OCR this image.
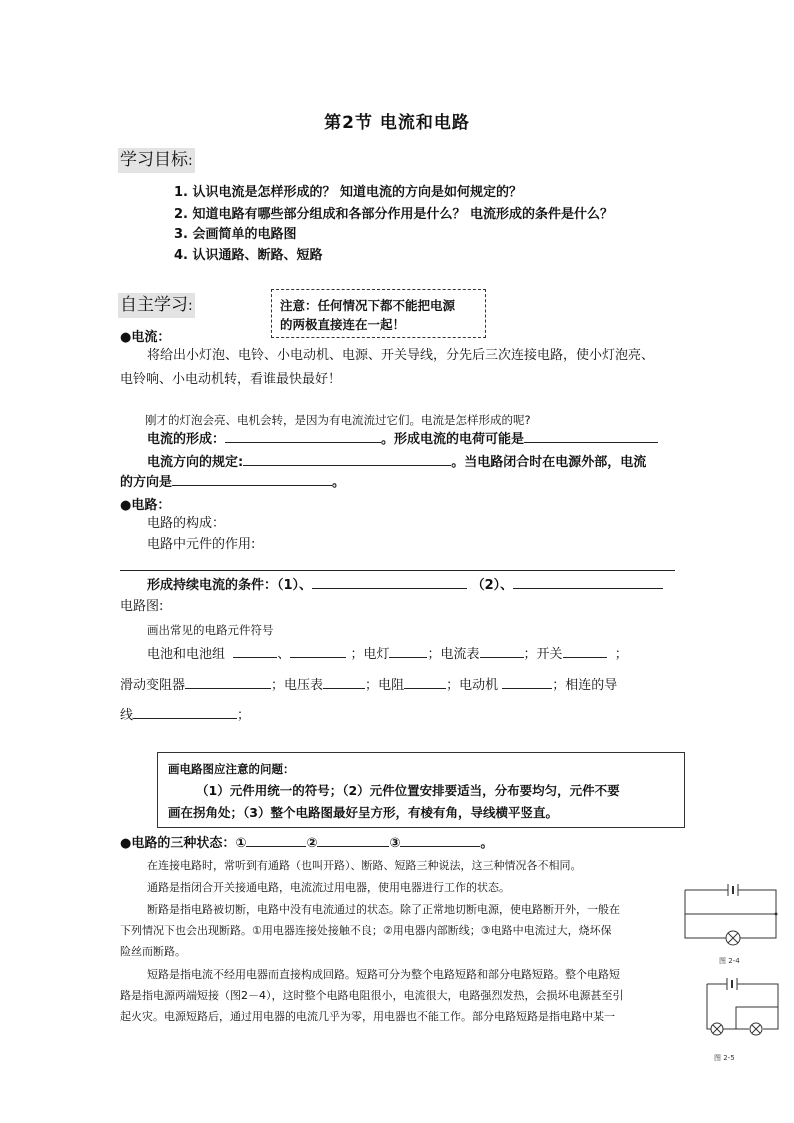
第2节 电流和电路
学习目标:
1. 认识电流是怎样形成的？ 知道电流的方向是如何规定的？
2. 知道电路有哪些部分组成和各部分作用是什么？ 电流形成的条件是什么？
3. 会画简单的电路图
4. 认识通路、断路、短路
自主学习:	注意：任何情况下都不能把电源
的两极直接连在一起！
●电流：
将给出小灯泡、电铃、小电动机、电源、开关导线，分先后三次连接电路，使小灯泡亮、
电铃响、小电动机转，看谁最快最好！
刚才的灯泡会亮、电机会转，是因为有电流流过它们。电流是怎样形成的呢?
电流的形成：	。形成电流的电荷可能是
电流方向的规定:	。当电路闭合时在电源外部，电流
的方向是	。
●电路：
电路的构成：
电路中元件的作用:
形成持续电流的条件：（1）、	（2）、
电路图:
画出常见的电路元件符号
电池和电池组	、	；电灯	；电流表	；开关	；
滑动变阻器	；电压表	；电阻	；电动机	；相连的导
线	；
画电路图应注意的问题：
（1）元件用统一的符号；（2）元件位置安排要适当，分布要均匀，元件不要
画在拐角处；（3）整个电路图最好呈方形，有棱有角，导线横平竖直。
●电路的三种状态：①	②	③	。
在连接电路时，常听到有通路（也叫开路）、断路、短路三种说法，这三种情况各不相同。
通路是指闭合开关接通电路，电流流过用电器，使用电器进行工作的状态。
断路是指电路被切断，电路中没有电流通过的状态。除了正常地切断电源，使电路断开外，一般在
下列情况下也会出现断路。①用电器连接处接触不良；②用电器内部断线；③电路中电流过大，烧坏保
险丝而断路。
短路是指电流不经用电器而直接构成回路。短路可分为整个电路短路和部分电路短路。整个电路短
路是指电源两端短接（图2－4），这时整个电路电阻很小，电流很大，电路强烈发热，会损坏电源甚至引
起火灾。电源短路后，通过用电器的电流几乎为零，用电器也不能工作。部分电路短路是指电路中某一
图 2-4
图 2-5
